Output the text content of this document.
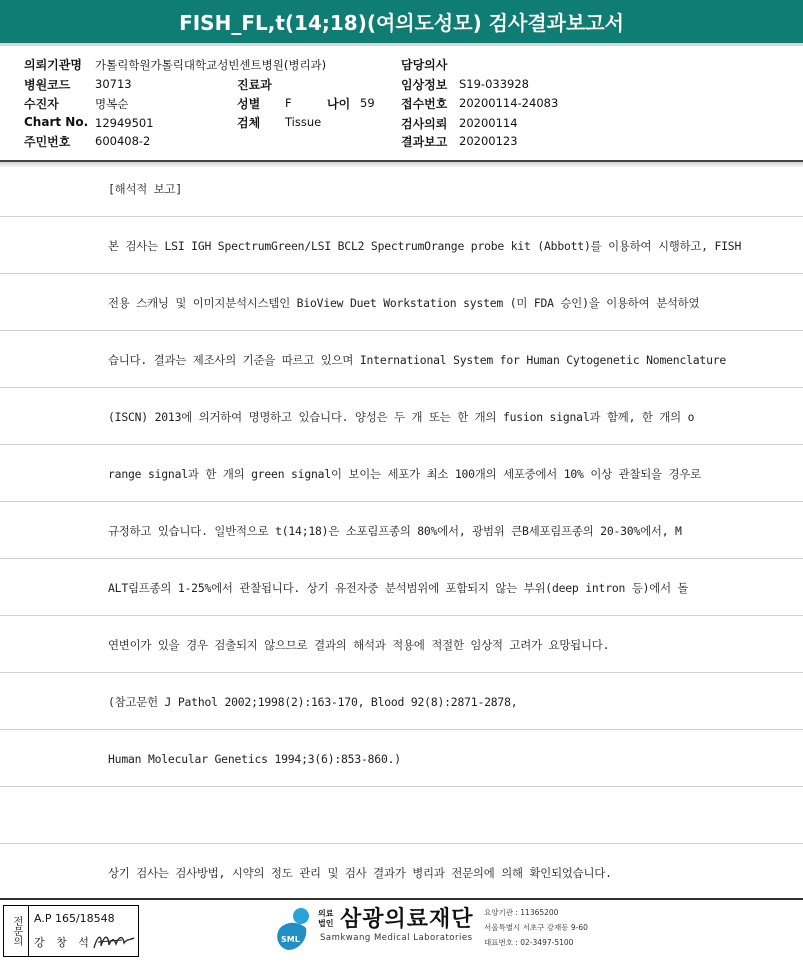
FISH_FL,t(14;18)(여의도성모) 검사결과보고서
의뢰기관명 가톨릭학원가톨릭대학교성빈센트병원(병리과)
병원코드 30713
수진자	명복순
Chart No. 12949501
주민번호 600408-2
진료과
성별 F	나이 59
검체 Tissue
담당의사
임상정보 S19-033928
접수번호 20200114-24083
검사의뢰 20200114
결과보고 20200123
[해석적 보고]
본 검사는 LSI IGH SpectrumGreen/LSI BCL2 SpectrumOrange probe kit (Abbott)를 이용하여 시행하고, FISH
전용 스캐닝 및 이미지분석시스템인 BioView Duet Workstation system (미 FDA 승인)을 이용하여 분석하였
습니다. 결과는 제조사의 기준을 따르고 있으며 International System for Human Cytogenetic Nomenclature
(ISCN) 2013에 의거하여 명명하고 있습니다. 양성은 두 개 또는 한 개의 fusion signal과 함께, 한 개의 o
range signal과 한 개의 green signal이 보이는 세포가 최소 100개의 세포중에서 10% 이상 관찰되을 경우로
규정하고 있습니다. 일반적으로 t(14;18)은 소포림프종의 80%에서, 광범위 큰B세포림프종의 20-30%에서, M
ALT림프종의 1-25%에서 관찰됩니다. 상기 유전자중 분석범위에 포함되지 않는 부위(deep intron 등)에서 돌
연변이가 있을 경우 검출되지 않으므로 결과의 해석과 적용에 적절한 임상적 고려가 요망됩니다.
(참고문헌 J Pathol 2002;1998(2):163-170, Blood 92(8):2871-2878,
Human Molecular Genetics 1994;3(6):853-860.)
상기 검사는 검사방법, 시약의 정도 관리 및 검사 결과가 병리과 전문의에 의해 확인되었습니다.
전문의	A.P 165/18548
강 창 석	SML
의료법인 삼광의료재단
Samkwang Medical Laboratories
요양기관 : 11365200
서울특별시 서초구 강재동 9-60
대표번호 : 02-3497-5100
